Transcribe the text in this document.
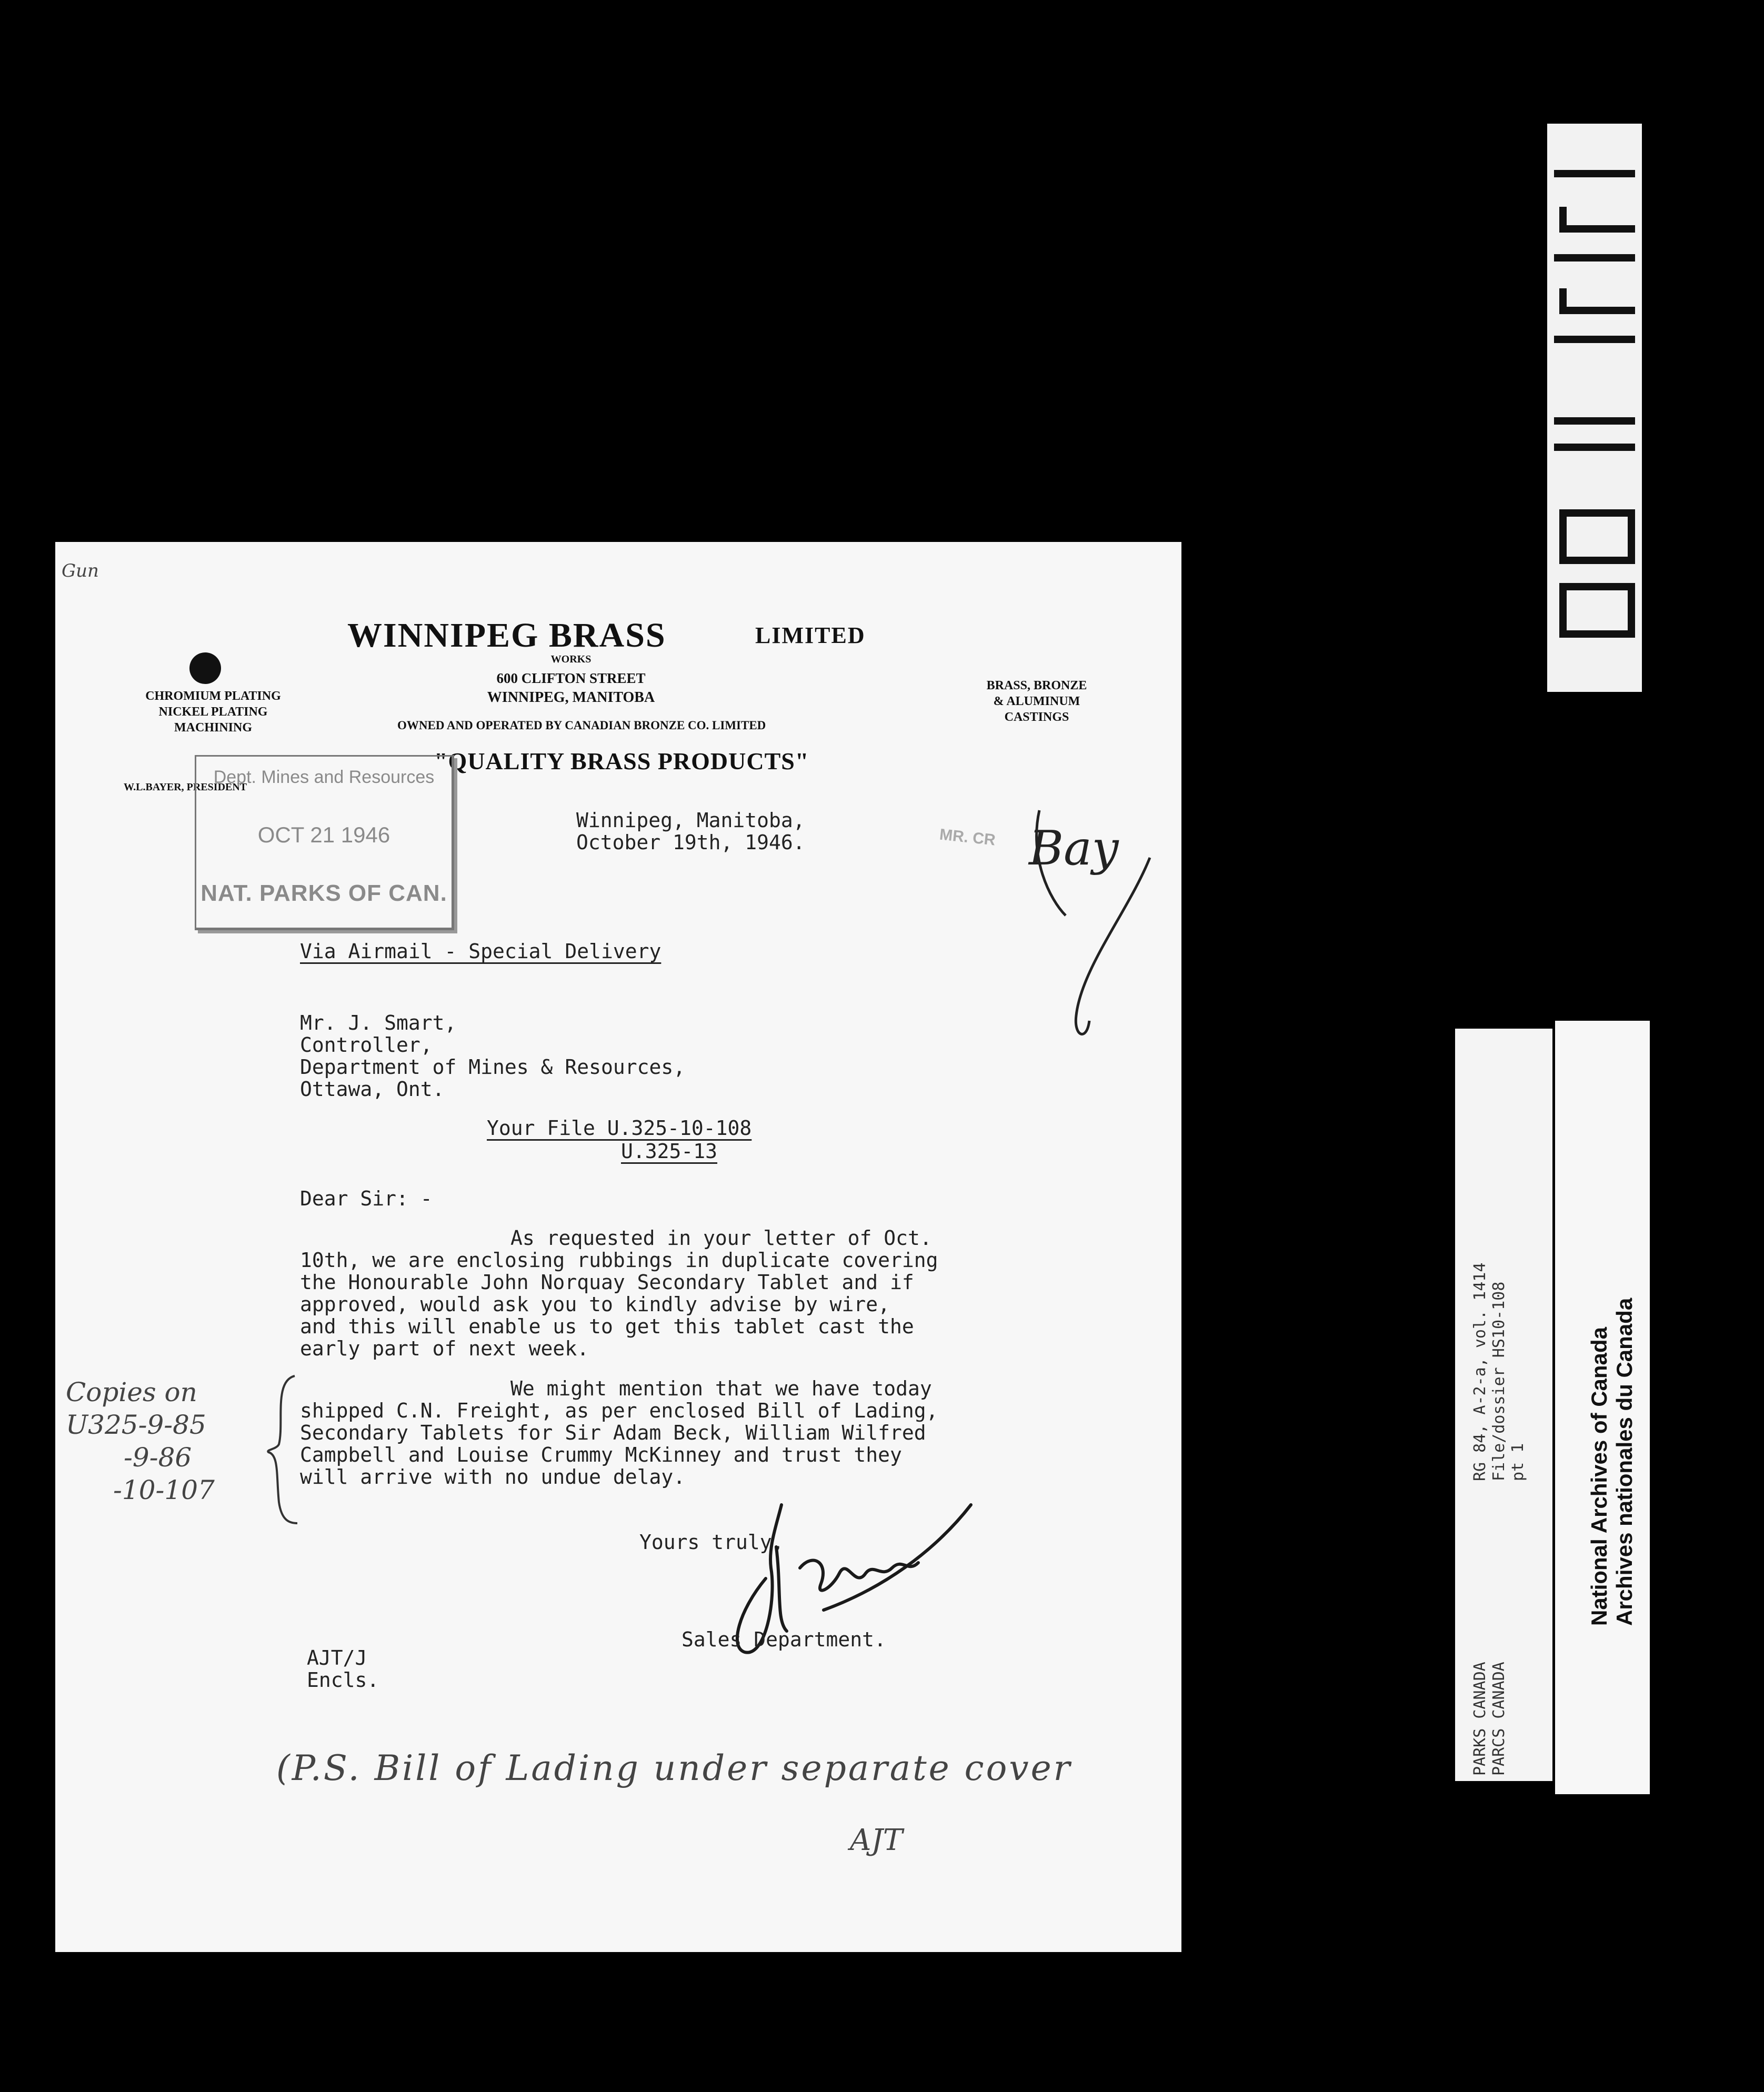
PARKS CANADA PARCS CANADA
RG 84, A-2-a, vol. 1414 File/dossier HS10-108 pt 1	National Archives of Canada Archives nationales du Canada
Gun
WINNIPEG BRASS	LIMITED
WORKS
600 CLIFTON STREET
WINNIPEG, MANITOBA
OWNED AND OPERATED BY CANADIAN BRONZE CO. LIMITED
"QUALITY BRASS PRODUCTS"
CHROMIUM PLATING
NICKEL PLATING
MACHINING
W.L.BAYER, PRESIDENT
BRASS, BRONZE
& ALUMINUM
CASTINGS
Dept. Mines and Resources
OCT 21 1946
NAT. PARKS OF CAN.
Winnipeg, Manitoba,
October 19th, 1946.	MR. CR Bay
Via Airmail - Special Delivery
Mr. J. Smart,
Controller,
Department of Mines & Resources,
Ottawa, Ont.
Your File U.325-10-108
U.325-13
Dear Sir: -
As requested in your letter of Oct.
10th, we are enclosing rubbings in duplicate covering
the Honourable John Norquay Secondary Tablet and if
approved, would ask you to kindly advise by wire,
and this will enable us to get this tablet cast the
early part of next week.
We might mention that we have today
shipped C.N. Freight, as per enclosed Bill of Lading,
Secondary Tablets for Sir Adam Beck, William Wilfred
Campbell and Louise Crummy McKinney and trust they
will arrive with no undue delay.
Copies on
U325-9-85
-9-86
-10-107
Yours truly,
Sales Department.
AJT/J
Encls.
(P.S. Bill of Lading under separate cover
AJT
